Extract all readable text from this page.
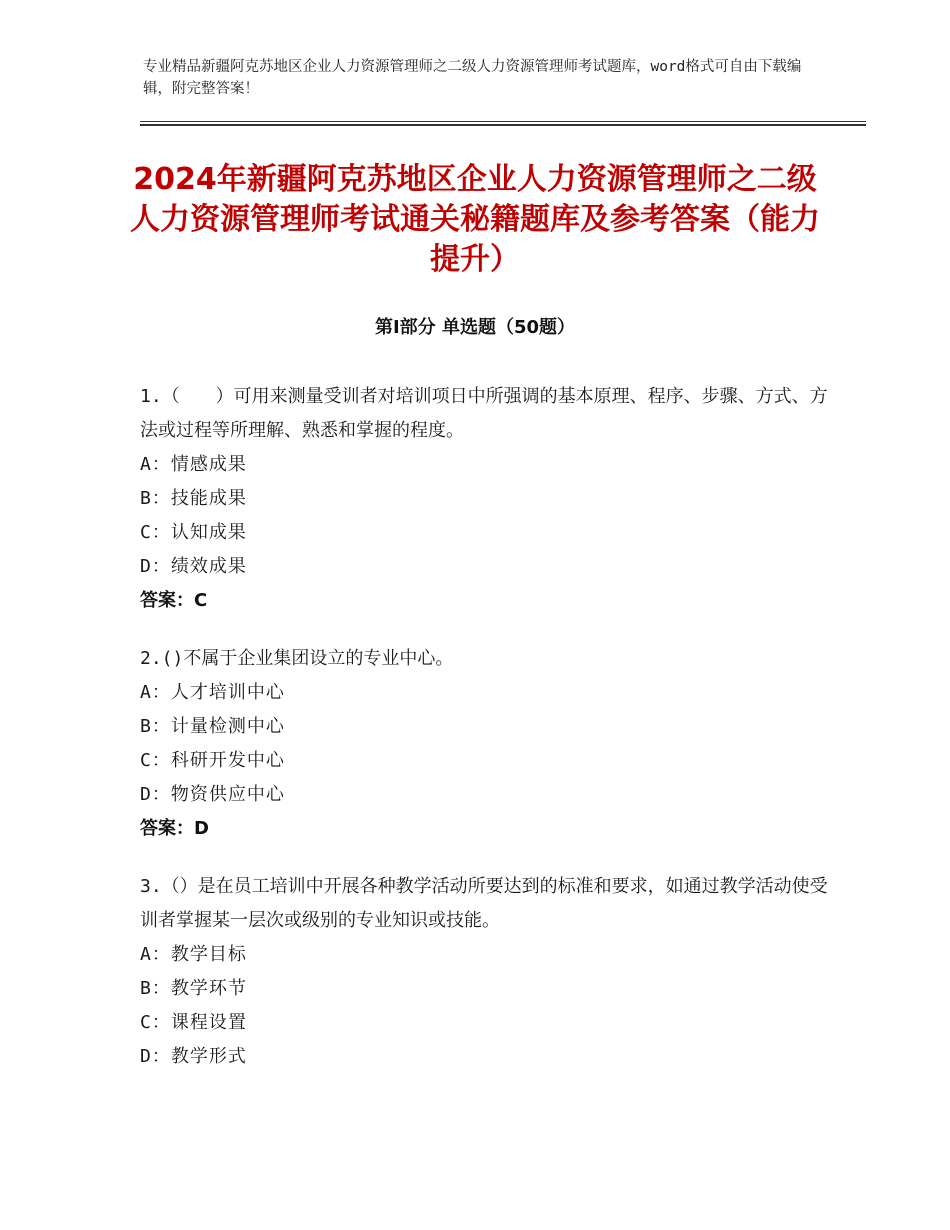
专业精品新疆阿克苏地区企业人力资源管理师之二级人力资源管理师考试题库，word格式可自由下载编辑，附完整答案！
2024年新疆阿克苏地区企业人力资源管理师之二级人力资源管理师考试通关秘籍题库及参考答案（能力提升）
第Ⅰ部分 单选题（50题）
1.（　　）可用来测量受训者对培训项日中所强调的基本原理、程序、步骤、方式、方法或过程等所理解、熟悉和掌握的程度。
A：情感成果
B：技能成果
C：认知成果
D：绩效成果
答案：C
2.()不属于企业集团设立的专业中心。
A：人才培训中心
B：计量检测中心
C：科研开发中心
D：物资供应中心
答案：D
3.（）是在员工培训中开展各种教学活动所要达到的标准和要求，如通过教学活动使受训者掌握某一层次或级别的专业知识或技能。
A：教学目标
B：教学环节
C：课程设置
D：教学形式
